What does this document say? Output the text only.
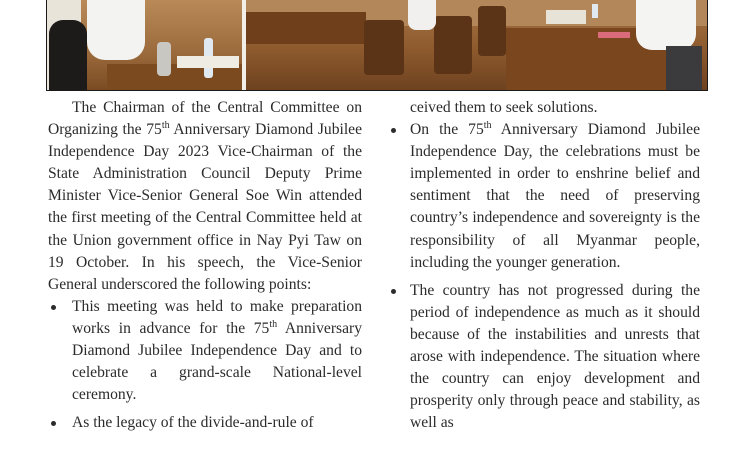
The Chairman of the Central Committee on Organizing the 75th Anniversary Diamond Jubilee Independence Day 2023 Vice-Chairman of the State Administration Council Deputy Prime Minister Vice-Senior General Soe Win attended the first meeting of the Central Committee held at the Union government office in Nay Pyi Taw on 19 October. In his speech, the Vice-Senior General underscored the following points:

This meeting was held to make preparation works in advance for the 75th Anniversary Diamond Jubilee Independence Day and to celebrate a grand-scale National-level ceremony.
As the legacy of the divide-and-rule of

ceived them to seek solutions.

On the 75th Anniversary Diamond Jubilee Independence Day, the celebrations must be implemented in order to enshrine belief and sentiment that the need of preserving country’s independence and sovereignty is the responsibility of all Myanmar people, including the younger generation.
The country has not progressed during the period of independence as much as it should because of the instabilities and unrests that arose with independence. The situation where the country can enjoy development and prosperity only through peace and stability, as well as
